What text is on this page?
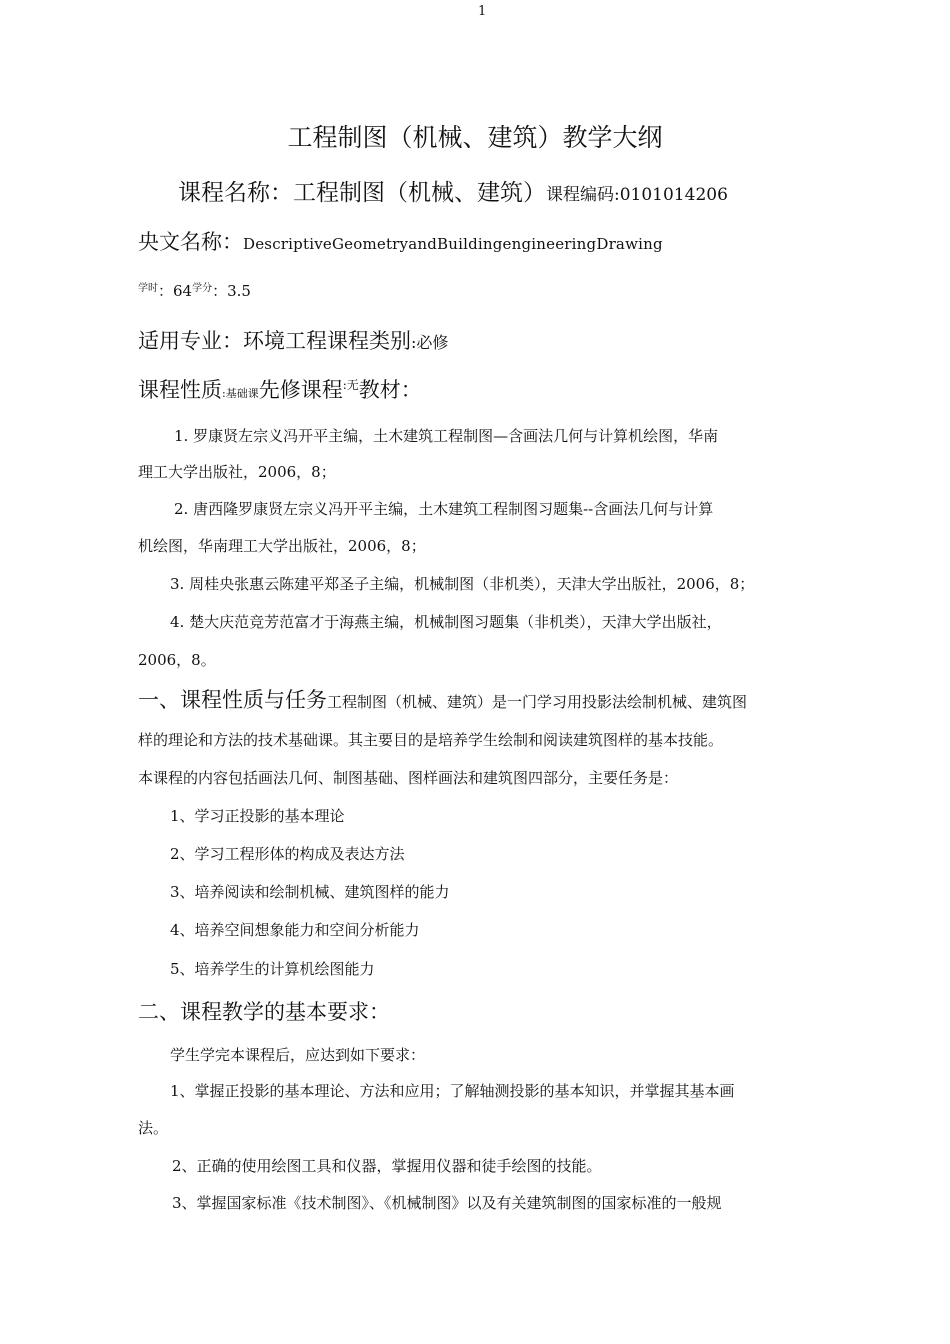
1
工程制图（机械、建筑）教学大纲
课程名称：工程制图（机械、建筑）课程编码:0101014206
央文名称：DescriptiveGeometryandBuildingengineeringDrawing
$^{学时}$：$64^{学分}$：3.5
适用专业：环境工程课程类别:必修
课程性质:基础课先修课程$^{:无}$教材：
1. 罗康贤左宗义冯开平主编，土木建筑工程制图—含画法几何与计算机绘图，华南
理工大学出版社，2006，8；
2. 唐西隆罗康贤左宗义冯开平主编，土木建筑工程制图习题集--含画法几何与计算
机绘图，华南理工大学出版社，2006，8；
3. 周桂央张惠云陈建平郑圣子主编，机械制图（非机类），天津大学出版社，2006，8；
4. 楚大庆范竞芳范富才于海燕主编，机械制图习题集（非机类），天津大学出版社，
2006，8。
一、课程性质与任务工程制图（机械、建筑）是一门学习用投影法绘制机械、建筑图
样的理论和方法的技术基础课。其主要目的是培养学生绘制和阅读建筑图样的基本技能。
本课程的内容包括画法几何、制图基础、图样画法和建筑图四部分，主要任务是：
1、学习正投影的基本理论
2、学习工程形体的构成及表达方法
3、培养阅读和绘制机械、建筑图样的能力
4、培养空间想象能力和空间分析能力
5、培养学生的计算机绘图能力
二、课程教学的基本要求：
学生学完本课程后，应达到如下要求：
1、掌握正投影的基本理论、方法和应用；了解轴测投影的基本知识，并掌握其基本画
法。
2、正确的使用绘图工具和仪器，掌握用仪器和徒手绘图的技能。
3、掌握国家标准《技术制图》、《机械制图》以及有关建筑制图的国家标准的一般规
